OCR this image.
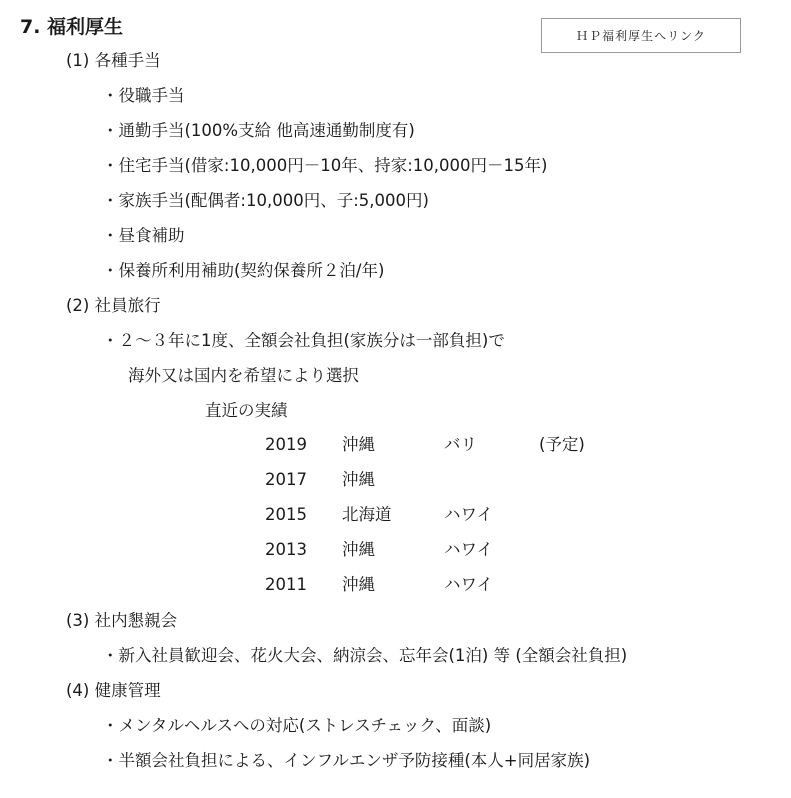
7. 福利厚生	ＨＰ福利厚生へリンク
(1) 各種手当
・役職手当
・通勤手当(100%支給 他高速通勤制度有)
・住宅手当(借家:10,000円－10年、持家:10,000円－15年)
・家族手当(配偶者:10,000円、子:5,000円)
・昼食補助
・保養所利用補助(契約保養所２泊/年)
(2) 社員旅行
・２～３年に1度、全額会社負担(家族分は一部負担)で
海外又は国内を希望により選択
直近の実績
2019 沖縄	バリ	(予定)
2017 沖縄
2015 北海道	ハワイ
2013 沖縄	ハワイ
2011 沖縄	ハワイ
(3) 社内懇親会
・新入社員歓迎会、花火大会、納涼会、忘年会(1泊) 等 (全額会社負担)
(4) 健康管理
・メンタルヘルスへの対応(ストレスチェック、面談)
・半額会社負担による、インフルエンザ予防接種(本人+同居家族)
